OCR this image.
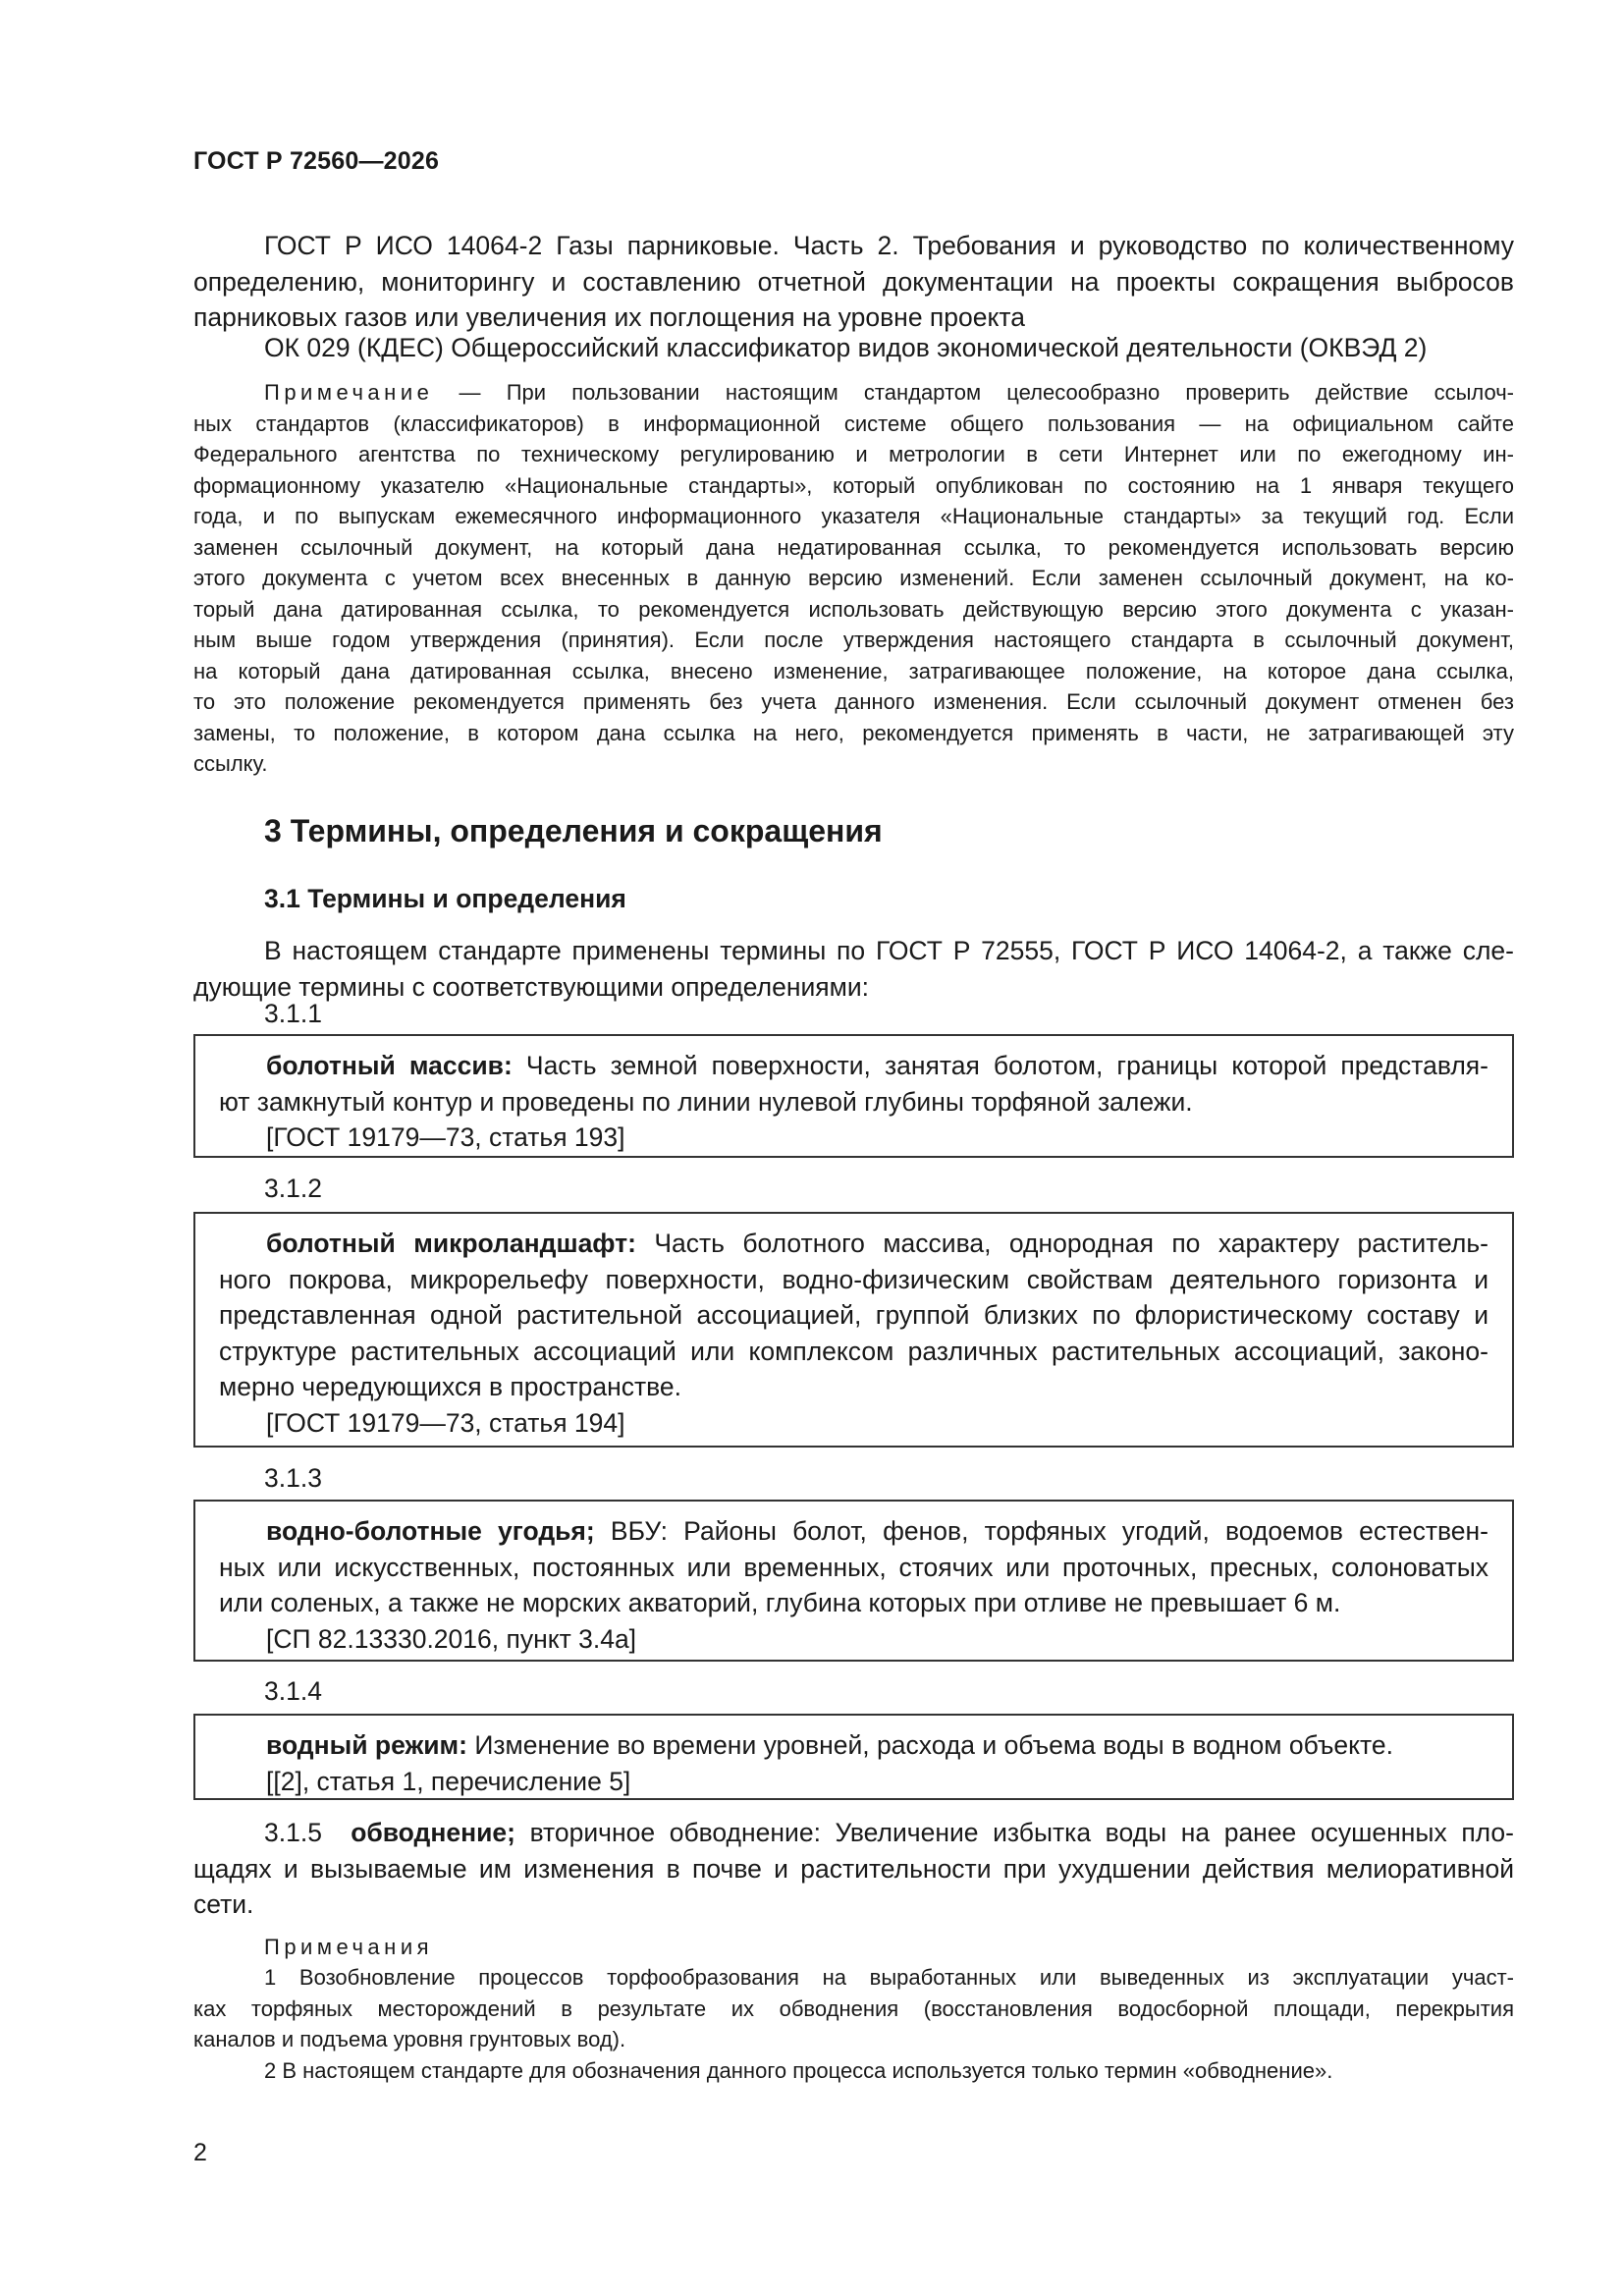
ГОСТ Р 72560—2026
ГОСТ Р ИСО 14064-2 Газы парниковые. Часть 2. Требования и руководство по количественному
определению, мониторингу и составлению отчетной документации на проекты сокращения выбросов
парниковых газов или увеличения их поглощения на уровне проекта
ОК 029 (КДЕС) Общероссийский классификатор видов экономической деятельности (ОКВЭД 2)
Примечание — При пользовании настоящим стандартом целесообразно проверить действие ссылоч-
ных стандартов (классификаторов) в информационной системе общего пользования — на официальном сайте
Федерального агентства по техническому регулированию и метрологии в сети Интернет или по ежегодному ин-
формационному указателю «Национальные стандарты», который опубликован по состоянию на 1 января текущего
года, и по выпускам ежемесячного информационного указателя «Национальные стандарты» за текущий год. Если
заменен ссылочный документ, на который дана недатированная ссылка, то рекомендуется использовать версию
этого документа с учетом всех внесенных в данную версию изменений. Если заменен ссылочный документ, на ко-
торый дана датированная ссылка, то рекомендуется использовать действующую версию этого документа с указан-
ным выше годом утверждения (принятия). Если после утверждения настоящего стандарта в ссылочный документ,
на который дана датированная ссылка, внесено изменение, затрагивающее положение, на которое дана ссылка,
то это положение рекомендуется применять без учета данного изменения. Если ссылочный документ отменен без
замены, то положение, в котором дана ссылка на него, рекомендуется применять в части, не затрагивающей эту
ссылку.
3 Термины, определения и сокращения
3.1 Термины и определения
В настоящем стандарте применены термины по ГОСТ Р 72555, ГОСТ Р ИСО 14064-2, а также сле-
дующие термины с соответствующими определениями:
3.1.1
болотный массив: Часть земной поверхности, занятая болотом, границы которой представля-
ют замкнутый контур и проведены по линии нулевой глубины торфяной залежи.
[ГОСТ 19179—73, статья 193]
3.1.2
болотный микроландшафт: Часть болотного массива, однородная по характеру раститель-
ного покрова, микрорельефу поверхности, водно-физическим свойствам деятельного горизонта и
представленная одной растительной ассоциацией, группой близких по флористическому составу и
структуре растительных ассоциаций или комплексом различных растительных ассоциаций, законо-
мерно чередующихся в пространстве.
[ГОСТ 19179—73, статья 194]
3.1.3
водно-болотные угодья; ВБУ: Районы болот, фенов, торфяных угодий, водоемов естествен-
ных или искусственных, постоянных или временных, стоячих или проточных, пресных, солоноватых
или соленых, а также не морских акваторий, глубина которых при отливе не превышает 6 м.
[СП 82.13330.2016, пункт 3.4а]
3.1.4
водный режим: Изменение во времени уровней, расхода и объема воды в водном объекте.
[[2], статья 1, перечисление 5]
3.1.5 обводнение; вторичное обводнение: Увеличение избытка воды на ранее осушенных пло-
щадях и вызываемые им изменения в почве и растительности при ухудшении действия мелиоративной
сети.
Примечания
1 Возобновление процессов торфообразования на выработанных или выведенных из эксплуатации участ-
ках торфяных месторождений в результате их обводнения (восстановления водосборной площади, перекрытия
каналов и подъема уровня грунтовых вод).
2 В настоящем стандарте для обозначения данного процесса используется только термин «обводнение».
2
